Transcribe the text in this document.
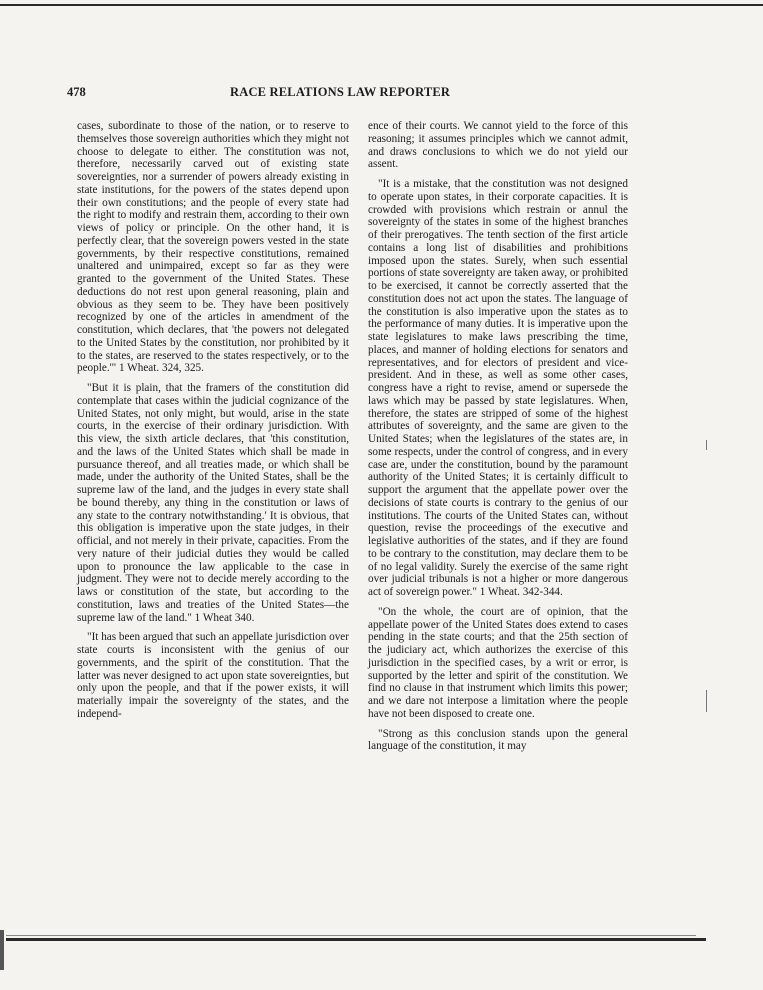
478	RACE RELATIONS LAW REPORTER

cases, subordinate to those of the nation, or to reserve to themselves those sovereign authorities which they might not choose to delegate to either. The constitution was not, therefore, necessarily carved out of existing state sovereignties, nor a surrender of powers already existing in state institutions, for the powers of the states depend upon their own constitutions; and the people of every state had the right to modify and restrain them, according to their own views of policy or principle. On the other hand, it is perfectly clear, that the sovereign powers vested in the state governments, by their respective constitutions, remained unaltered and unimpaired, except so far as they were granted to the government of the United States. These deductions do not rest upon general reasoning, plain and obvious as they seem to be. They have been positively recognized by one of the articles in amendment of the constitution, which declares, that 'the powers not delegated to the United States by the constitution, nor prohibited by it to the states, are reserved to the states respectively, or to the people.'" 1 Wheat. 324, 325.

"But it is plain, that the framers of the constitution did contemplate that cases within the judicial cognizance of the United States, not only might, but would, arise in the state courts, in the exercise of their ordinary jurisdiction. With this view, the sixth article declares, that 'this constitution, and the laws of the United States which shall be made in pursuance thereof, and all treaties made, or which shall be made, under the authority of the United States, shall be the supreme law of the land, and the judges in every state shall be bound thereby, any thing in the constitution or laws of any state to the contrary notwithstanding.' It is obvious, that this obligation is imperative upon the state judges, in their official, and not merely in their private, capacities. From the very nature of their judicial duties they would be called upon to pronounce the law applicable to the case in judgment. They were not to decide merely according to the laws or constitution of the state, but according to the constitution, laws and treaties of the United States—the supreme law of the land." 1 Wheat 340.

"It has been argued that such an appellate jurisdiction over state courts is inconsistent with the genius of our governments, and the spirit of the constitution. That the latter was never designed to act upon state sovereignties, but only upon the people, and that if the power exists, it will materially impair the sovereignty of the states, and the independ-

ence of their courts. We cannot yield to the force of this reasoning; it assumes principles which we cannot admit, and draws conclusions to which we do not yield our assent.

"It is a mistake, that the constitution was not designed to operate upon states, in their corporate capacities. It is crowded with provisions which restrain or annul the sovereignty of the states in some of the highest branches of their prerogatives. The tenth section of the first article contains a long list of disabilities and prohibitions imposed upon the states. Surely, when such essential portions of state sovereignty are taken away, or prohibited to be exercised, it cannot be correctly asserted that the constitution does not act upon the states. The language of the constitution is also imperative upon the states as to the performance of many duties. It is imperative upon the state legislatures to make laws prescribing the time, places, and manner of holding elections for senators and representatives, and for electors of president and vice-president. And in these, as well as some other cases, congress have a right to revise, amend or supersede the laws which may be passed by state legislatures. When, therefore, the states are stripped of some of the highest attributes of sovereignty, and the same are given to the United States; when the legislatures of the states are, in some respects, under the control of congress, and in every case are, under the constitution, bound by the paramount authority of the United States; it is certainly difficult to support the argument that the appellate power over the decisions of state courts is contrary to the genius of our institutions. The courts of the United States can, without question, revise the proceedings of the executive and legislative authorities of the states, and if they are found to be contrary to the constitution, may declare them to be of no legal validity. Surely the exercise of the same right over judicial tribunals is not a higher or more dangerous act of sovereign power." 1 Wheat. 342-344.

"On the whole, the court are of opinion, that the appellate power of the United States does extend to cases pending in the state courts; and that the 25th section of the judiciary act, which authorizes the exercise of this jurisdiction in the specified cases, by a writ or error, is supported by the letter and spirit of the constitution. We find no clause in that instrument which limits this power; and we dare not interpose a limitation where the people have not been disposed to create one.

"Strong as this conclusion stands upon the general language of the constitution, it may
